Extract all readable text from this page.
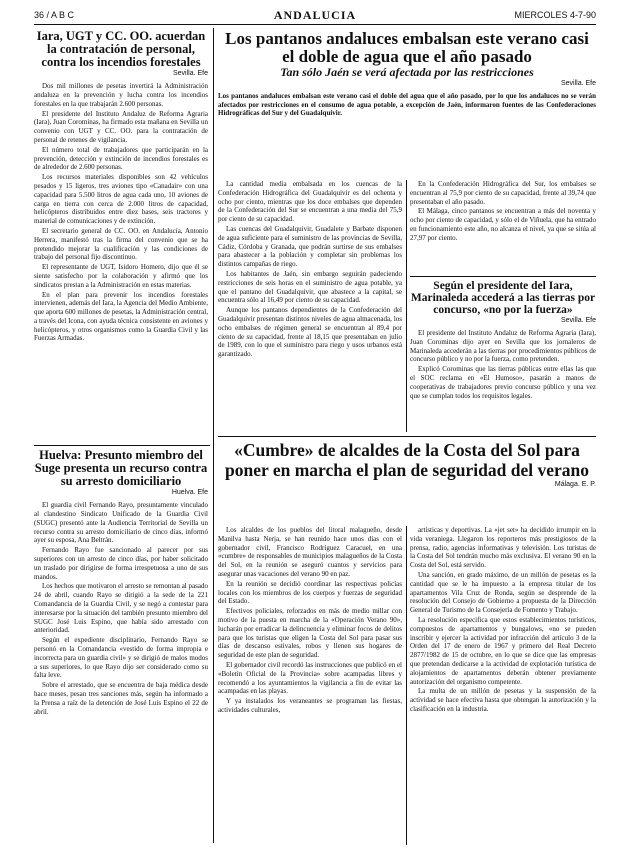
36 / A B C	ANDALUCIA	MIERCOLES 4-7-90
Iara, UGT y CC. OO. acuerdan la contratación de personal, contra los incendios forestales
Sevilla. Efe

Dos mil millones de pesetas invertirá la Administración andaluza en la prevención y lucha contra los incendios forestales en la que trabajarán 2.600 personas.

El presidente del Instituto Andaluz de Reforma Agraria (Iara), Juan Corominas, ha firmado esta mañana en Sevilla un convenio con UGT y CC. OO. para la contratación de personal de retenes de vigilancia.

El número total de trabajadores que participarán en la prevención, detección y extinción de incendios forestales es de alrededor de 2.600 personas.

Los recursos materiales disponibles son 42 vehículos pesados y 15 ligeros, tres aviones tipo «Canadair» con una capacidad para 5.500 litros de agua cada uno, 10 aviones de carga en tierra con cerca de 2.000 litros de capacidad, helicópteros distribuidos entre diez bases, seis tractores y material de comunicaciones y de extinción.

El secretario general de CC. OO. en Andalucía, Antonio Herrera, manifestó tras la firma del convenio que se ha pretendido mejorar la cualificación y las condiciones de trabajo del personal fijo discontinuo.

El representante de UGT, Isidoro Homero, dijo que él se siente satisfecho por la colaboración y afirmó que los sindicatos prestan a la Administración en estas materias.

En el plan para prevenir los incendios forestales intervienen, además del Iara, la Agencia del Medio Ambiente, que aporta 600 millones de pesetas, la Administración central, a través del Icona, con ayuda técnica consistente en aviones y helicópteros, y otros organismos como la Guardia Civil y las Fuerzas Armadas.

Huelva: Presunto miembro del Suge presenta un recurso contra su arresto domiciliario
Huelva. Efe

El guardia civil Fernando Rayo, presuntamente vinculado al clandestino Sindicato Unificado de la Guardia Civil (SUGC) presentó ante la Audiencia Territorial de Sevilla un recurso contra su arresto domiciliario de cinco días, informó ayer su esposa, Ana Beltrán.

Fernando Rayo fue sancionado al parecer por sus superiores con un arresto de cinco días, por haber solicitado un traslado por dirigirse de forma irrespetuosa a uno de sus mandos.

Los hechos que motivaron el arresto se remontan al pasado 24 de abril, cuando Rayo se dirigió a la sede de la 221 Comandancia de la Guardia Civil, y se negó a contestar para interesarse por la situación del también presunto miembro del SUGC José Luis Espino, que había sido arrestado con anterioridad.

Según el expediente disciplinario, Fernando Rayo se personó en la Comandancia «vestido de forma impropia e incorrecta para un guardia civil» y se dirigió de malos modos a sus superiores, lo que Rayo dijo ser considerado como su falta leve.

Sobre el arrestado, que se encuentra de baja médica desde hace meses, pesan tres sanciones más, según ha informado a la Prensa a raíz de la detención de José Luis Espino el 22 de abril.

Los pantanos andaluces embalsan este verano casi el doble de agua que el año pasado
Tan sólo Jaén se verá afectada por las restricciones
Sevilla. Efe
Los pantanos andaluces embalsan este verano casi el doble del agua que el año pasado, por lo que los andaluces no se verán afectados por restricciones en el consumo de agua potable, a excepción de Jaén, informaron fuentes de las Confederaciones Hidrográficas del Sur y del Guadalquivir.

La cantidad media embalsada en los cuencas de la Confederación Hidrográfica del Guadalquivir es del ochenta y ocho por ciento, mientras que los doce embalses que dependen de la Confederación del Sur se encuentran a una media del 75,9 por ciento de su capacidad.

Las cuencas del Guadalquivir, Guadalete y Barbate disponen de agua suficiente para el suministro de las provincias de Sevilla, Cádiz, Córdoba y Granada, que podrán surtirse de sus embalses para abastecer a la población y completar sin problemas los distintos campañas de riego.

Los habitantes de Jaén, sin embargo seguirán padeciendo restricciones de seis horas en el suministro de agua potable, ya que el pantano del Guadalquivir, que abastece a la capital, se encuentra sólo al 16,49 por ciento de su capacidad.

Aunque los pantanos dependientes de la Confederación del Guadalquivir presentan distintos niveles de agua almacenada, los ocho embalses de régimen general se encuentran al 89,4 por ciento de su capacidad, frente al 18,15 que presentaban en julio de 1989, con lo que el suministro para riego y usos urbanos está garantizado.

En la Confederación Hidrográfica del Sur, los embalses se encuentran al 75,9 por ciento de su capacidad, frente al 39,74 que presentaban el año pasado.

El Málaga, cinco pantanos se encuentran a más del noventa y ocho por ciento de capacidad, y sólo el de Viñuela, que ha entrado en funcionamiento este año, no alcanza el nivel, ya que se sitúa al 27,97 por ciento.

Según el presidente del Iara, Marinaleda accederá a las tierras por concurso, «no por la fuerza»
Sevilla. Efe

El presidente del Instituto Andaluz de Reforma Agraria (Iara), Juan Corominas dijo ayer en Sevilla que los jornaleros de Marinaleda accederán a las tierras por procedimientos públicos de concurso público y no por la fuerza, como pretenden.

Explicó Corominas que las tierras públicas entre ellas las que el SOC reclama en «El Humoso», pasarán a manos de cooperativas de trabajadores previo concurso público y una vez que se cumplan todos los requisitos legales.

«Cumbre» de alcaldes de la Costa del Sol para poner en marcha el plan de seguridad del verano
Málaga. E. P.

Los alcaldes de los pueblos del litoral malagueño, desde Manilva hasta Nerja, se han reunido hace unos días con el gobernador civil, Francisco Rodríguez Caracuel, en una «cumbre» de responsables de municipios malagueños de la Costa del Sol, en la reunión se aseguró cuantos y servicios para asegurar unas vacaciones del verano 90 en paz.

En la reunión se decidió coordinar las respectivas policías locales con los miembros de los cuerpos y fuerzas de seguridad del Estado.

Efectivos policiales, reforzados en más de medio millar con motivo de la puesta en marcha de la «Operación Verano 90», lucharán por erradicar la delincuencia y eliminar focos de delitos para que los turistas que eligen la Costa del Sol para pasar sus días de descanso estivales, robos y llenen sus hogares de seguridad de este plan de seguridad.

El gobernador civil recordó las instrucciones que publicó en el «Boletín Oficial de la Provincia» sobre acampadas libres y recomendó a los ayuntamientos la vigilancia a fin de evitar las acampadas en las playas.

Y ya instalados los veraneantes se programan las fiestas, actividades culturales,

artísticas y deportivas. La «jet set» ha decidido irrumpir en la vida veraniega. Llegaron los reporteros más prestigiosos de la prensa, radio, agencias informativas y televisión. Los turistas de la Costa del Sol tendrán mucho más exclusiva. El verano 90 en la Costa del Sol, está servido.

Una sanción, en grado máximo, de un millón de pesetas es la cantidad que se le ha impuesto a la empresa titular de los apartamentos Vila Cruz de Ronda, según se desprende de la resolución del Consejo de Gobierno a propuesta de la Dirección General de Turismo de la Consejería de Fomento y Trabajo.

La resolución especifica que estos establecimientos turísticos, compuestos de apartamentos y bungalows, «no se pueden inscribir y ejercer la actividad por infracción del artículo 3 de la Orden del 17 de enero de 1967 y primero del Real Decreto 2877/1982 de 15 de octubre, en lo que se dice que las empresas que pretendan dedicarse a la actividad de explotación turística de alojamientos de apartamentos deberán obtener previamente autorización del organismo competente.

La multa de un millón de pesetas y la suspensión de la actividad se hace efectiva hasta que obtengan la autorización y la clasificación en la industria.
